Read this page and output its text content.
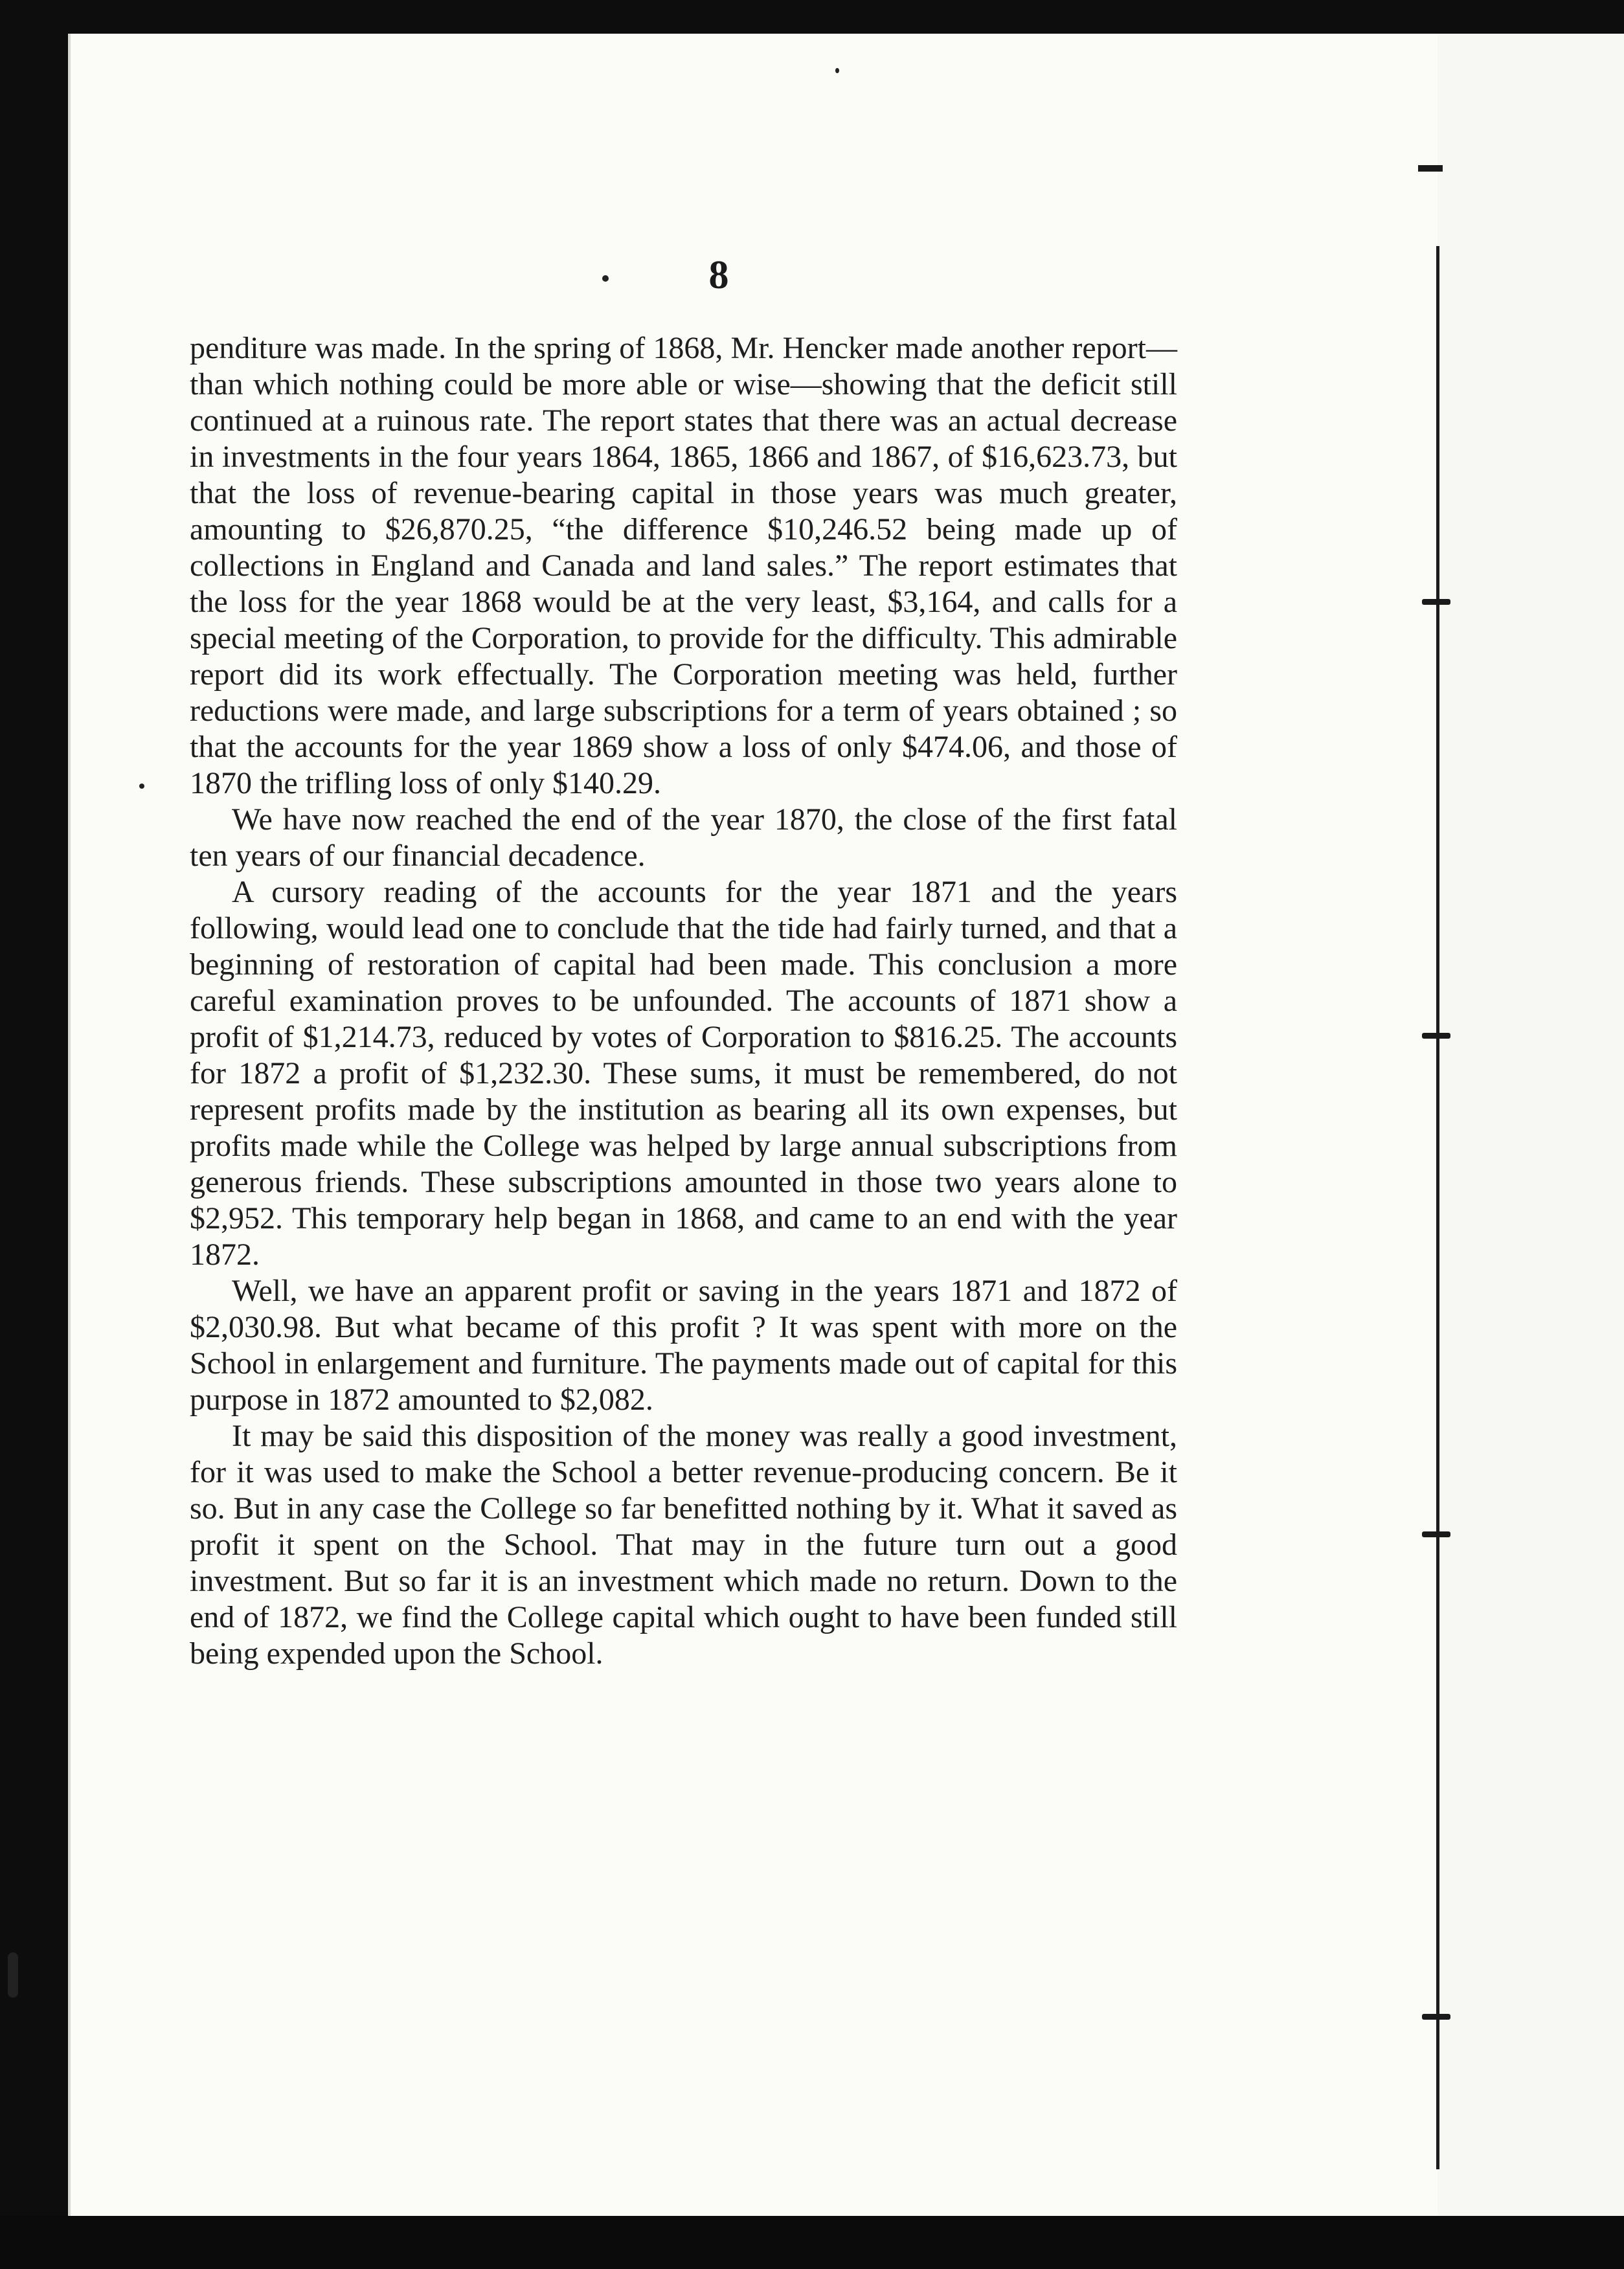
8

penditure was made. In the spring of 1868, Mr. Hencker made another report—than which nothing could be more able or wise—showing that the deficit still continued at a ruinous rate. The report states that there was an actual decrease in investments in the four years 1864, 1865, 1866 and 1867, of $16,623.73, but that the loss of revenue-bearing capital in those years was much greater, amounting to $26,870.25, “the difference $10,246.52 being made up of collections in England and Canada and land sales.” The report estimates that the loss for the year 1868 would be at the very least, $3,164, and calls for a special meeting of the Corporation, to provide for the difficulty. This admirable report did its work effectually. The Corporation meeting was held, further reductions were made, and large subscriptions for a term of years obtained ; so that the accounts for the year 1869 show a loss of only $474.06, and those of 1870 the trifling loss of only $140.29.

We have now reached the end of the year 1870, the close of the first fatal ten years of our financial decadence.

A cursory reading of the accounts for the year 1871 and the years following, would lead one to conclude that the tide had fairly turned, and that a beginning of restoration of capital had been made. This conclusion a more careful examination proves to be unfounded. The accounts of 1871 show a profit of $1,214.73, reduced by votes of Corporation to $816.25. The accounts for 1872 a profit of $1,232.30. These sums, it must be remembered, do not represent profits made by the institution as bearing all its own expenses, but profits made while the College was helped by large annual subscriptions from generous friends. These subscriptions amounted in those two years alone to $2,952. This temporary help began in 1868, and came to an end with the year 1872.

Well, we have an apparent profit or saving in the years 1871 and 1872 of $2,030.98. But what became of this profit ? It was spent with more on the School in enlargement and furniture. The payments made out of capital for this purpose in 1872 amounted to $2,082.

It may be said this disposition of the money was really a good investment, for it was used to make the School a better revenue-producing concern. Be it so. But in any case the College so far benefitted nothing by it. What it saved as profit it spent on the School. That may in the future turn out a good investment. But so far it is an investment which made no return. Down to the end of 1872, we find the College capital which ought to have been funded still being expended upon the School.
